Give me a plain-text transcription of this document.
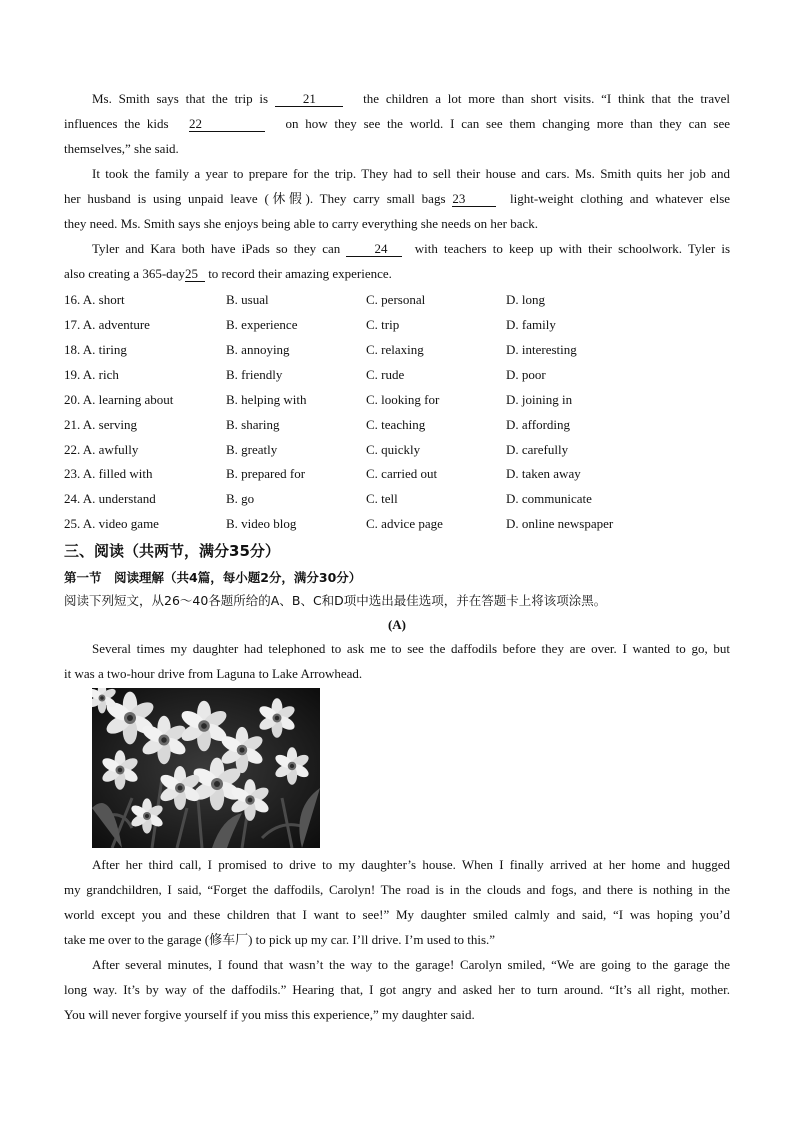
Ms. Smith says that the trip is	21	the children a lot more than short visits. “I think that the travel
influences the kids 22	on how they see the world. I can see them changing more than they can see
themselves,” she said.
It took the family a year to prepare for the trip. They had to sell their house and cars. Ms. Smith quits her job and
her husband is using unpaid leave (休假). They carry small bags 23	light-weight clothing and whatever else
they need. Ms. Smith says she enjoys being able to carry everything she needs on her back.
Tyler and Kara both have iPads so they can	24 with teachers to keep up with their schoolwork. Tyler is
also creating a 365-day25 to record their amazing experience.
16. A. short	B. usual	C. personal	D. long
17. A. adventure	B. experience	C. trip	D. family
18. A. tiring	B. annoying	C. relaxing	D. interesting
19. A. rich	B. friendly	C. rude	D. poor
20. A. learning about	B. helping with	C. looking for	D. joining in
21. A. serving	B. sharing	C. teaching	D. affording
22. A. awfully	B. greatly	C. quickly	D. carefully
23. A. filled with	B. prepared for	C. carried out	D. taken away
24. A. understand	B. go	C. tell	D. communicate
25. A. video game	B. video blog	C. advice page	D. online newspaper
三、阅读（共两节，满分35分）
第一节　阅读理解（共4篇，每小题2分，满分30分）
阅读下列短文，从26～40各题所给的A、B、C和D项中选出最佳选项，并在答题卡上将该项涂黑。
(A)
Several times my daughter had telephoned to ask me to see the daffodils before they are over. I wanted to go, but
it was a two-hour drive from Laguna to Lake Arrowhead.
After her third call, I promised to drive to my daughter’s house. When I finally arrived at her home and hugged
my grandchildren, I said, “Forget the daffodils, Carolyn! The road is in the clouds and fogs, and there is nothing in the
world except you and these children that I want to see!” My daughter smiled calmly and said, “I was hoping you’d
take me over to the garage (修车厂) to pick up my car. I’ll drive. I’m used to this.”
After several minutes, I found that wasn’t the way to the garage! Carolyn smiled, “We are going to the garage the
long way. It’s by way of the daffodils.” Hearing that, I got angry and asked her to turn around. “It’s all right, mother.
You will never forgive yourself if you miss this experience,” my daughter said.
